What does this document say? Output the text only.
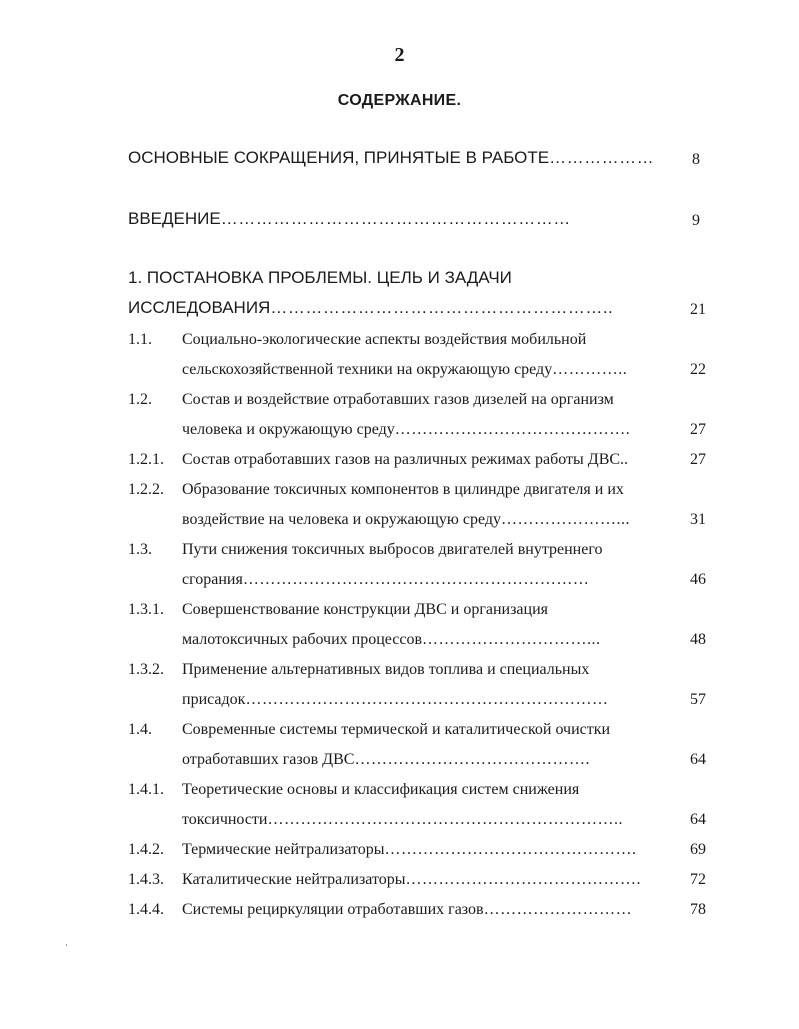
2
СОДЕРЖАНИЕ.
ОСНОВНЫЕ СОКРАЩЕНИЯ, ПРИНЯТЫЕ В РАБОТЕ………………	8
ВВЕДЕНИЕ……………………………………………………	9
1. ПОСТАНОВКА ПРОБЛЕМЫ. ЦЕЛЬ И ЗАДАЧИ
ИССЛЕДОВАНИЯ…………………………………………………..	21
1.1. Социально-экологические аспекты воздействия мобильной
сельскохозяйственной техники на окружающую среду…………..	22
1.2. Состав и воздействие отработавших газов дизелей на организм
человека и окружающую среду…………………………………….	27
1.2.1. Состав отработавших газов на различных режимах работы ДВС..	27
1.2.2. Образование токсичных компонентов в цилиндре двигателя и их
воздействие на человека и окружающую среду…………………...	31
1.3. Пути снижения токсичных выбросов двигателей внутреннего
сгорания………………………………………………………	46
1.3.1. Совершенствование конструкции ДВС и организация
малотоксичных рабочих процессов…………………………...	48
1.3.2. Применение альтернативных видов топлива и специальных
присадок…………………………………………………………	57
1.4. Современные системы термической и каталитической очистки
отработавших газов ДВС…………………………………….	64
1.4.1. Теоретические основы и классификация систем снижения
токсичности………………………………………………………..	64
1.4.2. Термические нейтрализаторы……………………………………….	69
1.4.3. Каталитические нейтрализаторы…………………………………….	72
1.4.4. Системы рециркуляции отработавших газов………………………	78
